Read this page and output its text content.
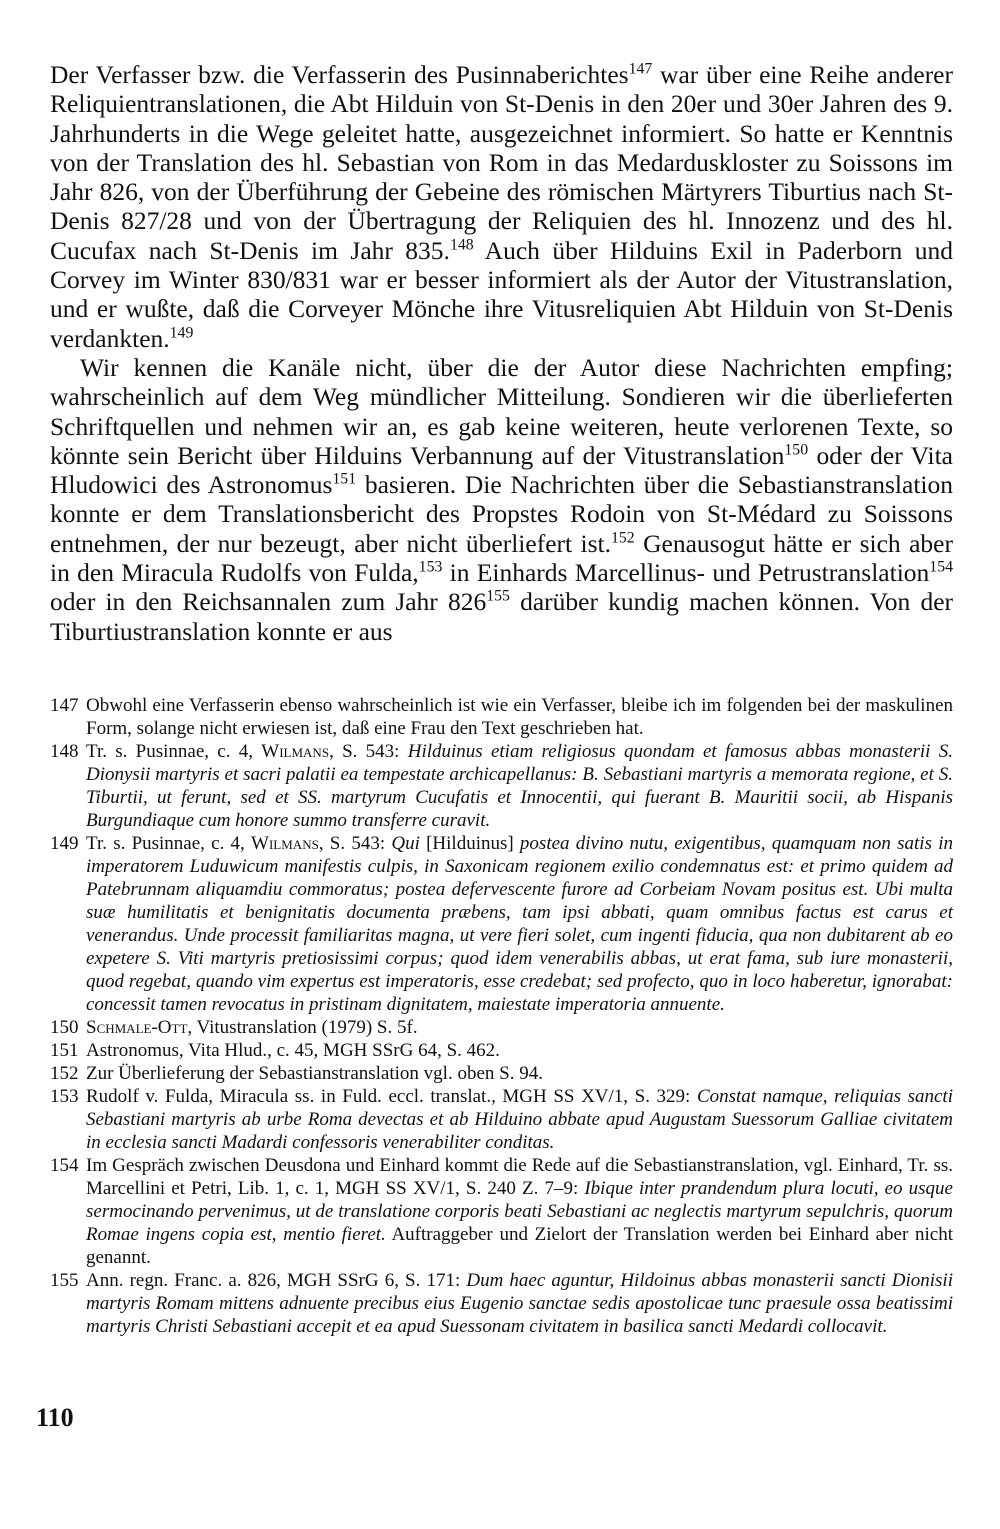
Der Verfasser bzw. die Verfasserin des Pusinnaberichtes$^{147}$ war über eine Reihe anderer Reliquientranslationen, die Abt Hilduin von St-Denis in den 20er und 30er Jahren des 9. Jahrhunderts in die Wege geleitet hatte, ausgezeichnet informiert. So hatte er Kenntnis von der Translation des hl. Sebastian von Rom in das Medarduskloster zu Soissons im Jahr 826, von der Überführung der Gebeine des römischen Märtyrers Tiburtius nach St-Denis 827/28 und von der Übertragung der Reliquien des hl. Innozenz und des hl. Cucufax nach St-Denis im Jahr 835.$^{148}$ Auch über Hilduins Exil in Paderborn und Corvey im Winter 830/831 war er besser informiert als der Autor der Vitustranslation, und er wußte, daß die Corveyer Mönche ihre Vitusreliquien Abt Hilduin von St-Denis verdankten.$^{149}$

Wir kennen die Kanäle nicht, über die der Autor diese Nachrichten empfing; wahrscheinlich auf dem Weg mündlicher Mitteilung. Sondieren wir die überlieferten Schriftquellen und nehmen wir an, es gab keine weiteren, heute verlorenen Texte, so könnte sein Bericht über Hilduins Verbannung auf der Vitustranslation$^{150}$ oder der Vita Hludowici des Astronomus$^{151}$ basieren. Die Nachrichten über die Sebastianstranslation konnte er dem Translationsbericht des Propstes Rodoin von St-Médard zu Soissons entnehmen, der nur bezeugt, aber nicht überliefert ist.$^{152}$ Genausogut hätte er sich aber in den Miracula Rudolfs von Fulda,$^{153}$ in Einhards Marcellinus- und Petrustranslation$^{154}$ oder in den Reichsannalen zum Jahr $826^{155}$ darüber kundig machen können. Von der Tiburtiustranslation konnte er aus

147 Obwohl eine Verfasserin ebenso wahrscheinlich ist wie ein Verfasser, bleibe ich im folgenden bei der maskulinen Form, solange nicht erwiesen ist, daß eine Frau den Text geschrieben hat.
148 Tr. s. Pusinnae, c. 4, Wilmans, S. 543: Hilduinus etiam religiosus quondam et famosus abbas monasterii S. Dionysii martyris et sacri palatii ea tempestate archicapellanus: B. Sebastiani martyris a memorata regione, et S. Tiburtii, ut ferunt, sed et SS. martyrum Cucufatis et Innocentii, qui fuerant B. Mauritii socii, ab Hispanis Burgundiaque cum honore summo transferre curavit.
149 Tr. s. Pusinnae, c. 4, Wilmans, S. 543: Qui [Hilduinus] postea divino nutu, exigentibus, quamquam non satis in imperatorem Luduwicum manifestis culpis, in Saxonicam regionem exilio condemnatus est: et primo quidem ad Patebrunnam aliquamdiu commoratus; postea defervescente furore ad Corbeiam Novam positus est. Ubi multa suæ humilitatis et benignitatis documenta præbens, tam ipsi abbati, quam omnibus factus est carus et venerandus. Unde processit familiaritas magna, ut vere fieri solet, cum ingenti fiducia, qua non dubitarent ab eo expetere S. Viti martyris pretiosissimi corpus; quod idem venerabilis abbas, ut erat fama, sub iure monasterii, quod regebat, quando vim expertus est imperatoris, esse credebat; sed profecto, quo in loco haberetur, ignorabat: concessit tamen revocatus in pristinam dignitatem, maiestate imperatoria annuente.
150 Schmale-Ott, Vitustranslation (1979) S. 5f.
151 Astronomus, Vita Hlud., c. 45, MGH SSrG 64, S. 462.
152 Zur Überlieferung der Sebastianstranslation vgl. oben S. 94.
153 Rudolf v. Fulda, Miracula ss. in Fuld. eccl. translat., MGH SS XV/1, S. 329: Constat namque, reliquias sancti Sebastiani martyris ab urbe Roma devectas et ab Hilduino abbate apud Augustam Suessorum Galliae civitatem in ecclesia sancti Madardi confessoris venerabiliter conditas.
154 Im Gespräch zwischen Deusdona und Einhard kommt die Rede auf die Sebastianstranslation, vgl. Einhard, Tr. ss. Marcellini et Petri, Lib. 1, c. 1, MGH SS XV/1, S. 240 Z. 7–9: Ibique inter prandendum plura locuti, eo usque sermocinando pervenimus, ut de translatione corporis beati Sebastiani ac neglectis martyrum sepulchris, quorum Romae ingens copia est, mentio fieret. Auftraggeber und Zielort der Translation werden bei Einhard aber nicht genannt.
155 Ann. regn. Franc. a. 826, MGH SSrG 6, S. 171: Dum haec aguntur, Hildoinus abbas monasterii sancti Dionisii martyris Romam mittens adnuente precibus eius Eugenio sanctae sedis apostolicae tunc praesule ossa beatissimi martyris Christi Sebastiani accepit et ea apud Suessonam civitatem in basilica sancti Medardi collocavit.
110
